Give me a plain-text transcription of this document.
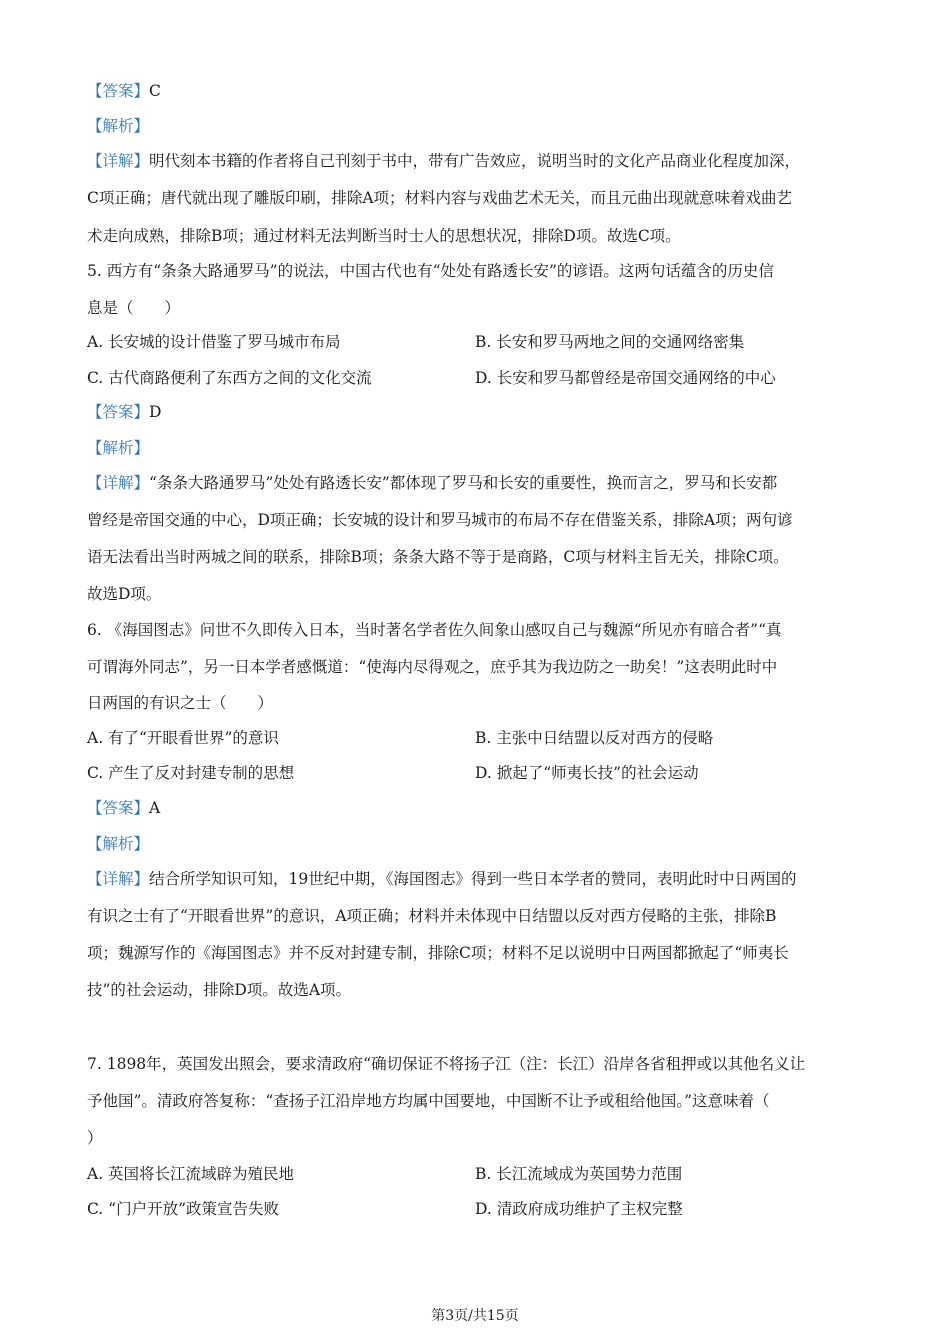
【答案】C
【解析】
【详解】明代刻本书籍的作者将自己刊刻于书中，带有广告效应，说明当时的文化产品商业化程度加深，
C项正确；唐代就出现了雕版印刷，排除A项；材料内容与戏曲艺术无关，而且元曲出现就意味着戏曲艺
术走向成熟，排除B项；通过材料无法判断当时士人的思想状况，排除D项。故选C项。
5. 西方有“条条大路通罗马”的说法，中国古代也有“处处有路透长安”的谚语。这两句话蕴含的历史信
息是（　　）
A. 长安城的设计借鉴了罗马城市布局	B. 长安和罗马两地之间的交通网络密集
C. 古代商路便利了东西方之间的文化交流	D. 长安和罗马都曾经是帝国交通网络的中心
【答案】D
【解析】
【详解】“条条大路通罗马”处处有路透长安”都体现了罗马和长安的重要性，换而言之，罗马和长安都
曾经是帝国交通的中心，D项正确；长安城的设计和罗马城市的布局不存在借鉴关系，排除A项；两句谚
语无法看出当时两城之间的联系，排除B项；条条大路不等于是商路，C项与材料主旨无关，排除C项。
故选D项。
6. 《海国图志》问世不久即传入日本，当时著名学者佐久间象山感叹自己与魏源“所见亦有暗合者”“真
可谓海外同志”，另一日本学者感慨道：“使海内尽得观之，庶乎其为我边防之一助矣！”这表明此时中
日两国的有识之士（　　）
A. 有了“开眼看世界”的意识	B. 主张中日结盟以反对西方的侵略
C. 产生了反对封建专制的思想	D. 掀起了“师夷长技”的社会运动
【答案】A
【解析】
【详解】结合所学知识可知，19世纪中期，《海国图志》得到一些日本学者的赞同，表明此时中日两国的
有识之士有了“开眼看世界”的意识，A项正确；材料并未体现中日结盟以反对西方侵略的主张，排除B
项；魏源写作的《海国图志》并不反对封建专制，排除C项；材料不足以说明中日两国都掀起了“师夷长
技”的社会运动，排除D项。故选A项。
7. 1898年，英国发出照会，要求清政府“确切保证不将扬子江（注：长江）沿岸各省租押或以其他名义让
予他国”。清政府答复称：“查扬子江沿岸地方均属中国要地，中国断不让予或租给他国。”这意味着（
）
A. 英国将长江流域辟为殖民地	B. 长江流域成为英国势力范围
C. “门户开放”政策宣告失败	D. 清政府成功维护了主权完整
第3页/共15页
